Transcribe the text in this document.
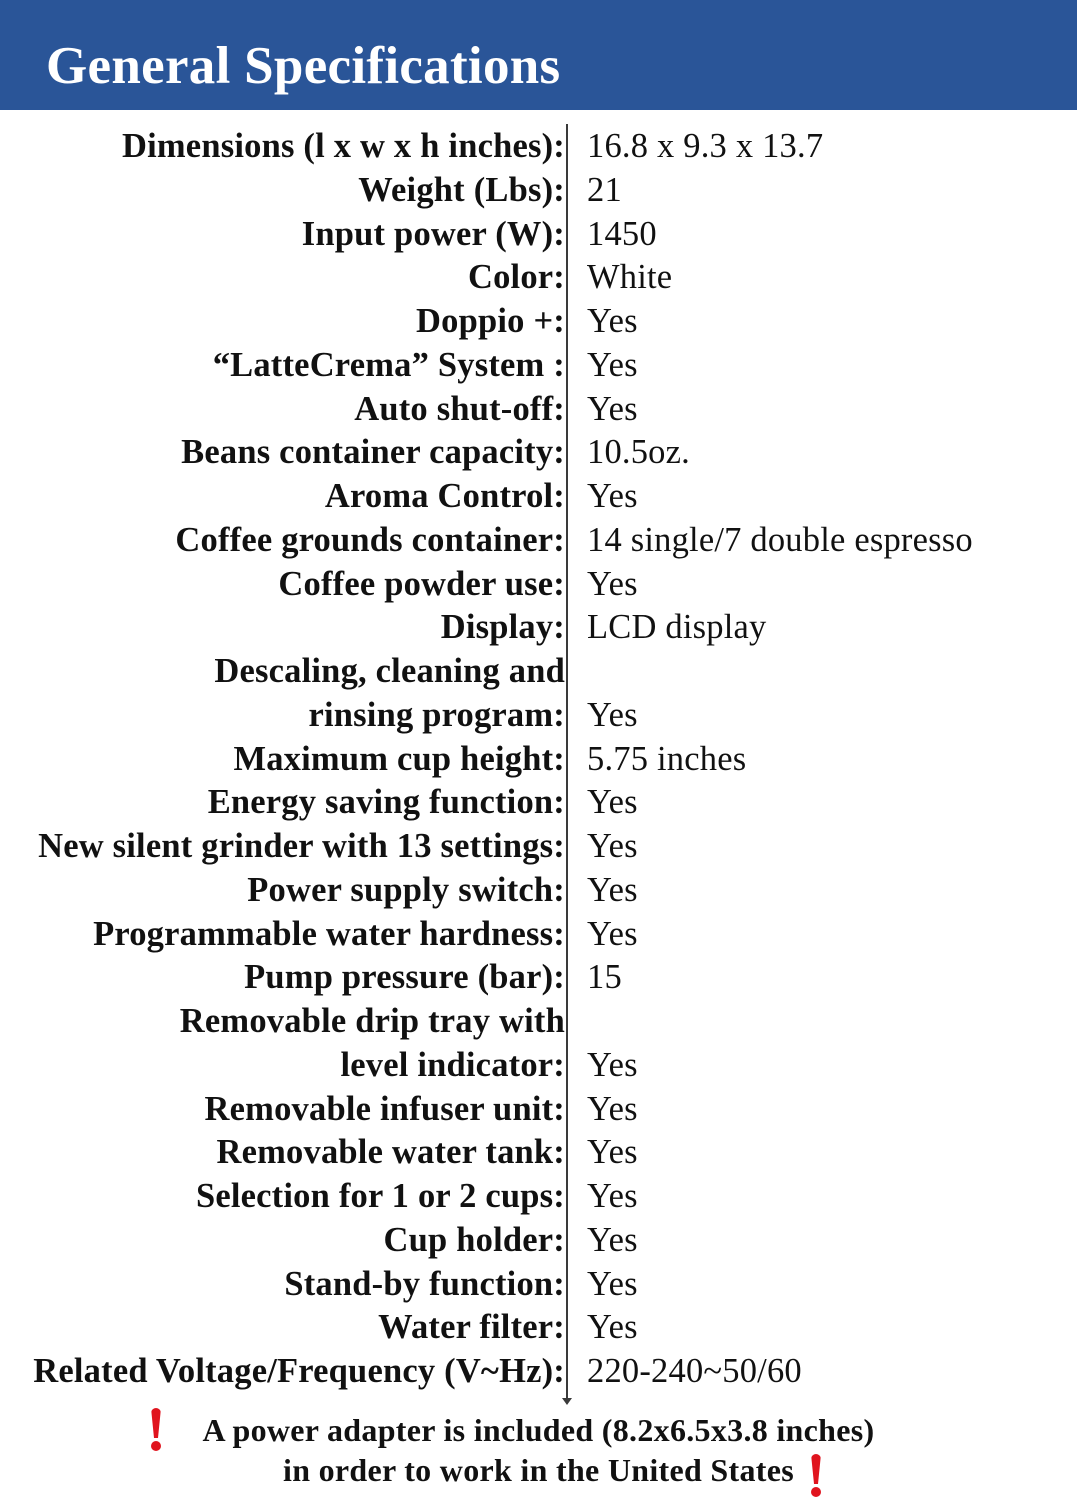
General Specifications
Dimensions (l x w x h inches): 16.8 x 9.3 x 13.7
Weight (Lbs): 21
Input power (W): 1450
Color: White
Doppio +: Yes
“LatteCrema” System : Yes
Auto shut-off: Yes
Beans container capacity: 10.5oz.
Aroma Control: Yes
Coffee grounds container: 14 single/7 double espresso
Coffee powder use: Yes
Display: LCD display
Descaling, cleaning and
rinsing program: Yes
Maximum cup height: 5.75 inches
Energy saving function: Yes
New silent grinder with 13 settings: Yes
Power supply switch: Yes
Programmable water hardness: Yes
Pump pressure (bar): 15
Removable drip tray with
level indicator: Yes
Removable infuser unit: Yes
Removable water tank: Yes
Selection for 1 or 2 cups: Yes
Cup holder: Yes
Stand-by function: Yes
Water filter: Yes
Related Voltage/Frequency (V~Hz): 220-240~50/60
A power adapter is included (8.2x6.5x3.8 inches)
in order to work in the United States
